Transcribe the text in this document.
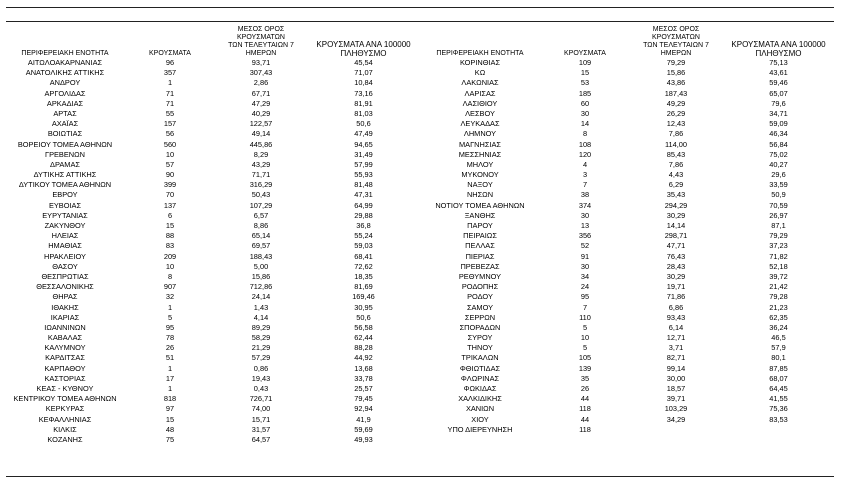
ΠΕΡΙΦΕΡΕΙΑΚΗ ΕΝΟΤΗΤΑ	ΚΡΟΥΣΜΑΤΑ
ΜΕΣΟΣ ΟΡΟΣ ΚΡΟΥΣΜΑΤΩΝ
ΤΩΝ ΤΕΛΕΥΤΑΙΩΝ 7 ΗΜΕΡΩΝ
ΚΡΟΥΣΜΑΤΑ ΑΝΑ 100000
ΠΛΗΘΥΣΜΟ
ΑΙΤΩΛΟΑΚΑΡΝΑΝΙΑΣ	96	93,71	45,54
ΑΝΑΤΟΛΙΚΗΣ ΑΤΤΙΚΗΣ	357	307,43	71,07
ΑΝΔΡΟΥ	1	2,86	10,84
ΑΡΓΟΛΙΔΑΣ	71	67,71	73,16
ΑΡΚΑΔΙΑΣ	71	47,29	81,91
ΑΡΤΑΣ	55	40,29	81,03
ΑΧΑΪΑΣ	157	122,57	50,6
ΒΟΙΩΤΙΑΣ	56	49,14	47,49
ΒΟΡΕΙΟΥ ΤΟΜΕΑ ΑΘΗΝΩΝ	560	445,86	94,65
ΓΡΕΒΕΝΩΝ	10	8,29	31,49
ΔΡΑΜΑΣ	57	43,29	57,99
ΔΥΤΙΚΗΣ ΑΤΤΙΚΗΣ	90	71,71	55,93
ΔΥΤΙΚΟΥ ΤΟΜΕΑ ΑΘΗΝΩΝ	399	316,29	81,48
ΕΒΡΟΥ	70	50,43	47,31
ΕΥΒΟΙΑΣ	137	107,29	64,99
ΕΥΡΥΤΑΝΙΑΣ	6	6,57	29,88
ΖΑΚΥΝΘΟΥ	15	8,86	36,8
ΗΛΕΙΑΣ	88	65,14	55,24
ΗΜΑΘΙΑΣ	83	69,57	59,03
ΗΡΑΚΛΕΙΟΥ	209	188,43	68,41
ΘΑΣΟΥ	10	5,00	72,62
ΘΕΣΠΡΩΤΙΑΣ	8	15,86	18,35
ΘΕΣΣΑΛΟΝΙΚΗΣ	907	712,86	81,69
ΘΗΡΑΣ	32	24,14	169,46
ΙΘΑΚΗΣ	1	1,43	30,95
ΙΚΑΡΙΑΣ	5	4,14	50,6
ΙΩΑΝΝΙΝΩΝ	95	89,29	56,58
ΚΑΒΑΛΑΣ	78	58,29	62,44
ΚΑΛΥΜΝΟΥ	26	21,29	88,28
ΚΑΡΔΙΤΣΑΣ	51	57,29	44,92
ΚΑΡΠΑΘΟΥ	1	0,86	13,68
ΚΑΣΤΟΡΙΑΣ	17	19,43	33,78
ΚΕΑΣ - ΚΥΘΝΟΥ	1	0,43	25,57
ΚΕΝΤΡΙΚΟΥ ΤΟΜΕΑ ΑΘΗΝΩΝ	818	726,71	79,45
ΚΕΡΚΥΡΑΣ	97	74,00	92,94
ΚΕΦΑΛΛΗΝΙΑΣ	15	15,71	41,9
ΚΙΛΚΙΣ	48	31,57	59,69
ΚΟΖΑΝΗΣ	75	64,57	49,93
ΠΕΡΙΦΕΡΕΙΑΚΗ ΕΝΟΤΗΤΑ	ΚΡΟΥΣΜΑΤΑ
ΜΕΣΟΣ ΟΡΟΣ ΚΡΟΥΣΜΑΤΩΝ
ΤΩΝ ΤΕΛΕΥΤΑΙΩΝ 7 ΗΜΕΡΩΝ
ΚΡΟΥΣΜΑΤΑ ΑΝΑ 100000
ΠΛΗΘΥΣΜΟ
ΚΟΡΙΝΘΙΑΣ	109	79,29	75,13
ΚΩ	15	15,86	43,61
ΛΑΚΩΝΙΑΣ	53	43,86	59,46
ΛΑΡΙΣΑΣ	185	187,43	65,07
ΛΑΣΙΘΙΟΥ	60	49,29	79,6
ΛΕΣΒΟΥ	30	26,29	34,71
ΛΕΥΚΑΔΑΣ	14	12,43	59,09
ΛΗΜΝΟΥ	8	7,86	46,34
ΜΑΓΝΗΣΙΑΣ	108	114,00	56,84
ΜΕΣΣΗΝΙΑΣ	120	85,43	75,02
ΜΗΛΟΥ	4	7,86	40,27
ΜΥΚΟΝΟΥ	3	4,43	29,6
ΝΑΞΟΥ	7	6,29	33,59
ΝΗΣΩΝ	38	35,43	50,9
ΝΟΤΙΟΥ ΤΟΜΕΑ ΑΘΗΝΩΝ	374	294,29	70,59
ΞΑΝΘΗΣ	30	30,29	26,97
ΠΑΡΟΥ	13	14,14	87,1
ΠΕΙΡΑΙΩΣ	356	298,71	79,29
ΠΕΛΛΑΣ	52	47,71	37,23
ΠΙΕΡΙΑΣ	91	76,43	71,82
ΠΡΕΒΕΖΑΣ	30	28,43	52,18
ΡΕΘΥΜΝΟΥ	34	30,29	39,72
ΡΟΔΟΠΗΣ	24	19,71	21,42
ΡΟΔΟΥ	95	71,86	79,28
ΣΑΜΟΥ	7	6,86	21,23
ΣΕΡΡΩΝ	110	93,43	62,35
ΣΠΟΡΑΔΩΝ	5	6,14	36,24
ΣΥΡΟΥ	10	12,71	46,5
ΤΗΝΟΥ	5	3,71	57,9
ΤΡΙΚΑΛΩΝ	105	82,71	80,1
ΦΘΙΩΤΙΔΑΣ	139	99,14	87,85
ΦΛΩΡΙΝΑΣ	35	30,00	68,07
ΦΩΚΙΔΑΣ	26	18,57	64,45
ΧΑΛΚΙΔΙΚΗΣ	44	39,71	41,55
ΧΑΝΙΩΝ	118	103,29	75,36
ΧΙΟΥ	44	34,29	83,53
ΥΠΟ ΔΙΕΡΕΥΝΗΣΗ	118
